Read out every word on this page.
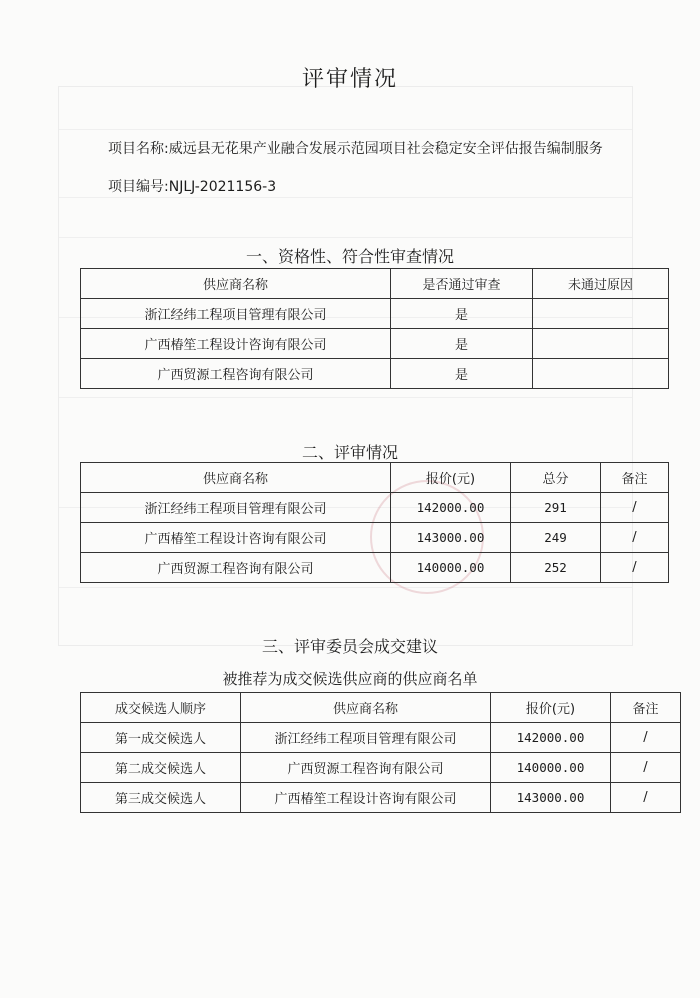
评审情况
项目名称:威远县无花果产业融合发展示范园项目社会稳定安全评估报告编制服务
项目编号:NJLJ-2021156-3
一、资格性、符合性审查情况
供应商名称	是否通过审查	未通过原因
浙江经纬工程项目管理有限公司	是	
广西椿笙工程设计咨询有限公司	是	
广西贸源工程咨询有限公司	是	
二、评审情况
供应商名称	报价(元)	总分	备注
浙江经纬工程项目管理有限公司	142000.00	291	/
广西椿笙工程设计咨询有限公司	143000.00	249	/
广西贸源工程咨询有限公司	140000.00	252	/
三、评审委员会成交建议
被推荐为成交候选供应商的供应商名单
成交候选人顺序	供应商名称	报价(元)	备注
第一成交候选人	浙江经纬工程项目管理有限公司	142000.00	/
第二成交候选人	广西贸源工程咨询有限公司	140000.00	/
第三成交候选人	广西椿笙工程设计咨询有限公司	143000.00	/
